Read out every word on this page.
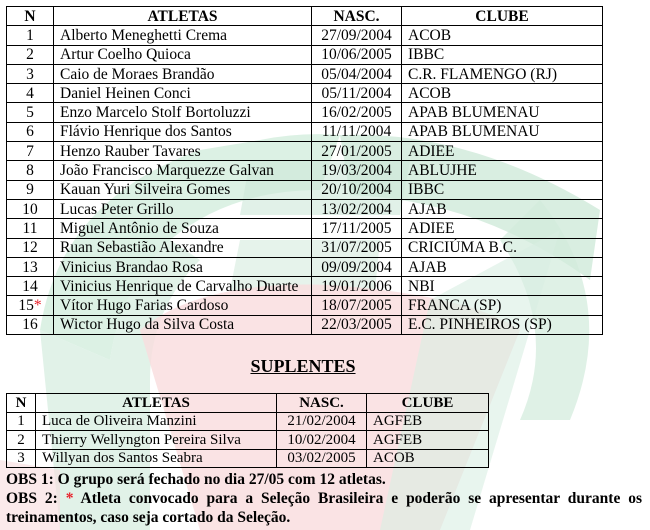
N	ATLETAS	NASC.	CLUBE
1	Alberto Meneghetti Crema	27/09/2004	ACOB
2	Artur Coelho Quioca	10/06/2005	IBBC
3	Caio de Moraes Brandão	05/04/2004	C.R. FLAMENGO (RJ)
4	Daniel Heinen Conci	05/11/2004	ACOB
5	Enzo Marcelo Stolf Bortoluzzi	16/02/2005	APAB BLUMENAU
6	Flávio Henrique dos Santos	11/11/2004	APAB BLUMENAU
7	Henzo Rauber Tavares	27/01/2005	ADIEE
8	João Francisco Marquezze Galvan	19/03/2004	ABLUJHE
9	Kauan Yuri Silveira Gomes	20/10/2004	IBBC
10	Lucas Peter Grillo	13/02/2004	AJAB
11	Miguel Antônio de Souza	17/11/2005	ADIEE
12	Ruan Sebastião Alexandre	31/07/2005	CRICIÚMA B.C.
13	Vinicius Brandao Rosa	09/09/2004	AJAB
14	Vinicius Henrique de Carvalho Duarte	19/01/2006	NBI
15*	Vítor Hugo Farias Cardoso	18/07/2005	FRANCA (SP)
16	Wictor Hugo da Silva Costa	22/03/2005	E.C. PINHEIROS (SP)
SUPLENTES
N	ATLETAS	NASC.	CLUBE
1	Luca de Oliveira Manzini	21/02/2004	AGFEB
2	Thierry Wellyngton Pereira Silva	10/02/2004	AGFEB
3	Willyan dos Santos Seabra	03/02/2005	ACOB
OBS 1: O grupo será fechado no dia 27/05 com 12 atletas.
OBS 2: * Atleta convocado para a Seleção Brasileira e poderão se apresentar durante os treinamentos, caso seja cortado da Seleção.
